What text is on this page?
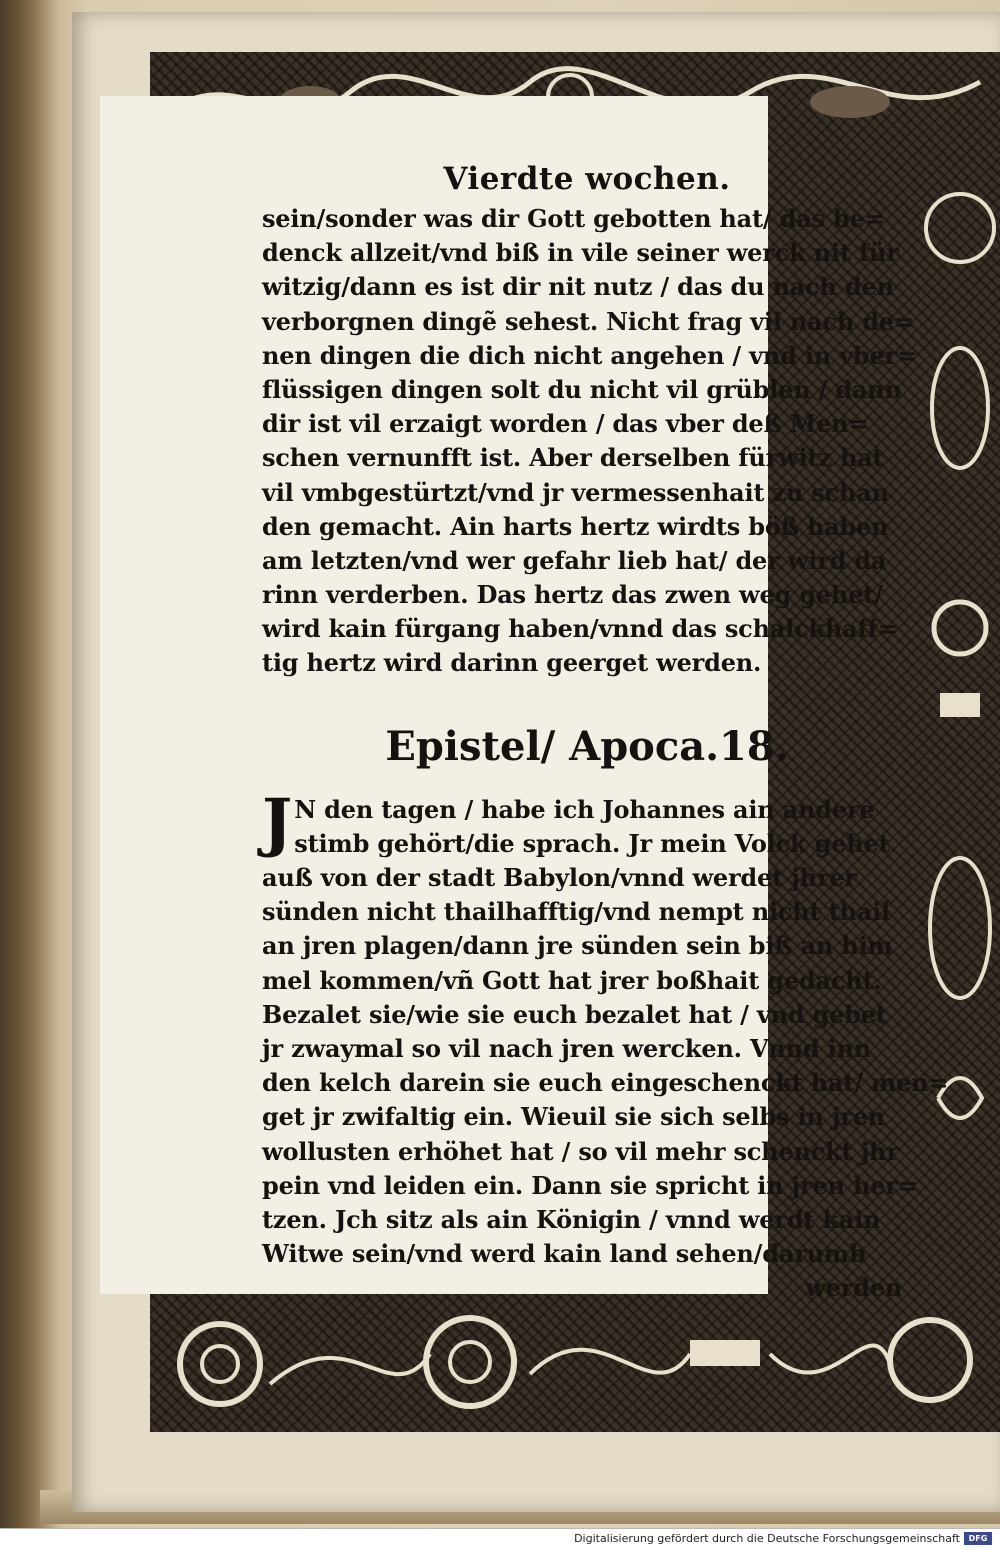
Vierdte wochen.
sein/sonder was dir Gott gebotten hat/ das be=
denck allzeit/vnd biß in vile seiner werck nit für
witzig/dann es ist dir nit nutz / das du nach den
verborgnen dingẽ sehest. Nicht frag vil nach de=
nen dingen die dich nicht angehen / vnd in vber=
flüssigen dingen solt du nicht vil grüblen / dann
dir ist vil erzaigt worden / das vber deß Men=
schen vernunfft ist. Aber derselben fürwitz hat
vil vmbgestürtzt/vnd jr vermessenhait zu schan
den gemacht. Ain harts hertz wirdts böß haben
am letzten/vnd wer gefahr lieb hat/ der wird da
rinn verderben. Das hertz das zwen weg gehet/
wird kain fürgang haben/vnnd das schalckhaff=
tig hertz wird darinn geerget werden.
Epistel/ Apoca.18.
J N den tagen / habe ich Johannes ain andere
stimb gehört/die sprach. Jr mein Volck gehet
auß von der stadt Babylon/vnnd werdet jhrer
sünden nicht thailhafftig/vnd nempt nicht thail
an jren plagen/dann jre sünden sein biß an him
mel kommen/vñ Gott hat jrer boßhait gedacht.
Bezalet sie/wie sie euch bezalet hat / vnd gebet
jr zwaymal so vil nach jren wercken. Vnnd inn
den kelch darein sie euch eingeschenckt hat/ men=
get jr zwifaltig ein. Wieuil sie sich selbs in jren
wollusten erhöhet hat / so vil mehr schenckt jhr
pein vnd leiden ein. Dann sie spricht in jren her=
tzen. Jch sitz als ain Königin / vnnd werdt kain
Witwe sein/vnd werd kain land sehen/darumb
werden
Digitalisierung gefördert durch die Deutsche Forschungsgemeinschaft	DFG
